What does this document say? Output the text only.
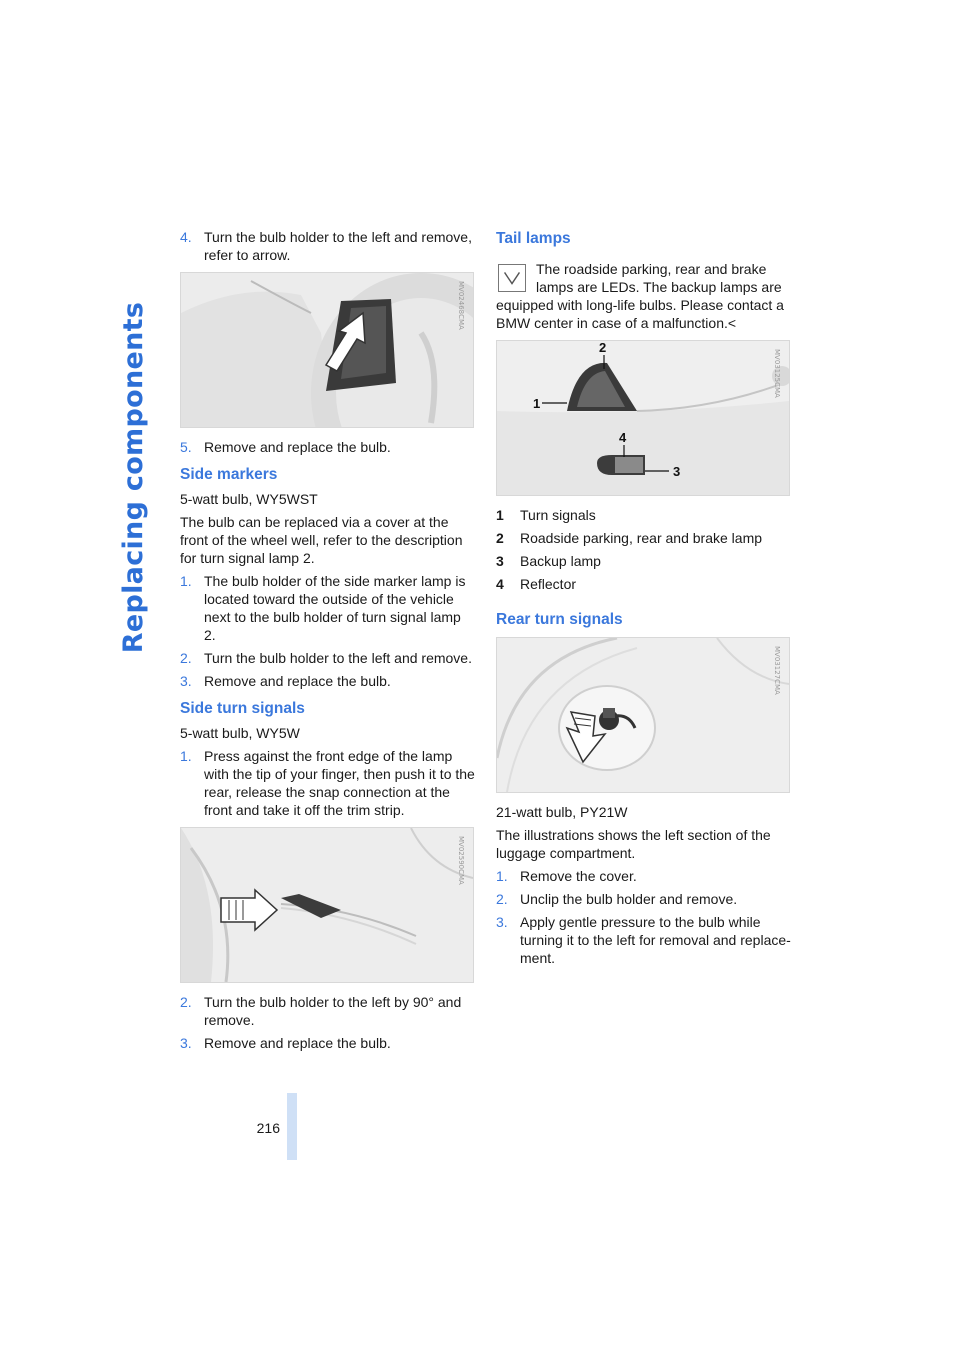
Replacing components
216
4. Turn the bulb holder to the left and remove, refer to arrow.
MV02468CMA
5. Remove and replace the bulb.
Side markers

5-watt bulb, WY5WST

The bulb can be replaced via a cover at the front of the wheel well, refer to the description for turn signal lamp 2.

1. The bulb holder of the side marker lamp is located toward the outside of the vehicle next to the bulb holder of turn signal lamp 2.
2. Turn the bulb holder to the left and remove.
3. Remove and replace the bulb.
Side turn signals

5-watt bulb, WY5W

1. Press against the front edge of the lamp with the tip of your finger, then push it to the rear, release the snap connection at the front and take it off the trim strip.
MV02590CMA
2. Turn the bulb holder to the left by 90° and remove.
3. Remove and replace the bulb.
Tail lamps
The roadside parking, rear and brake lamps are LEDs. The backup lamps are equipped with long-life bulbs. Please contact a BMW center in case of a malfunction.<
1
2
3
4
MV03125CMA
1	Turn signals
2	Roadside parking, rear and brake lamp
3	Backup lamp
4	Reflector
Rear turn signals
MV03127CMA

21-watt bulb, PY21W

The illustrations shows the left section of the luggage compartment.

1. Remove the cover.
2. Unclip the bulb holder and remove.
3. Apply gentle pressure to the bulb while turning it to the left for removal and replace-ment.
